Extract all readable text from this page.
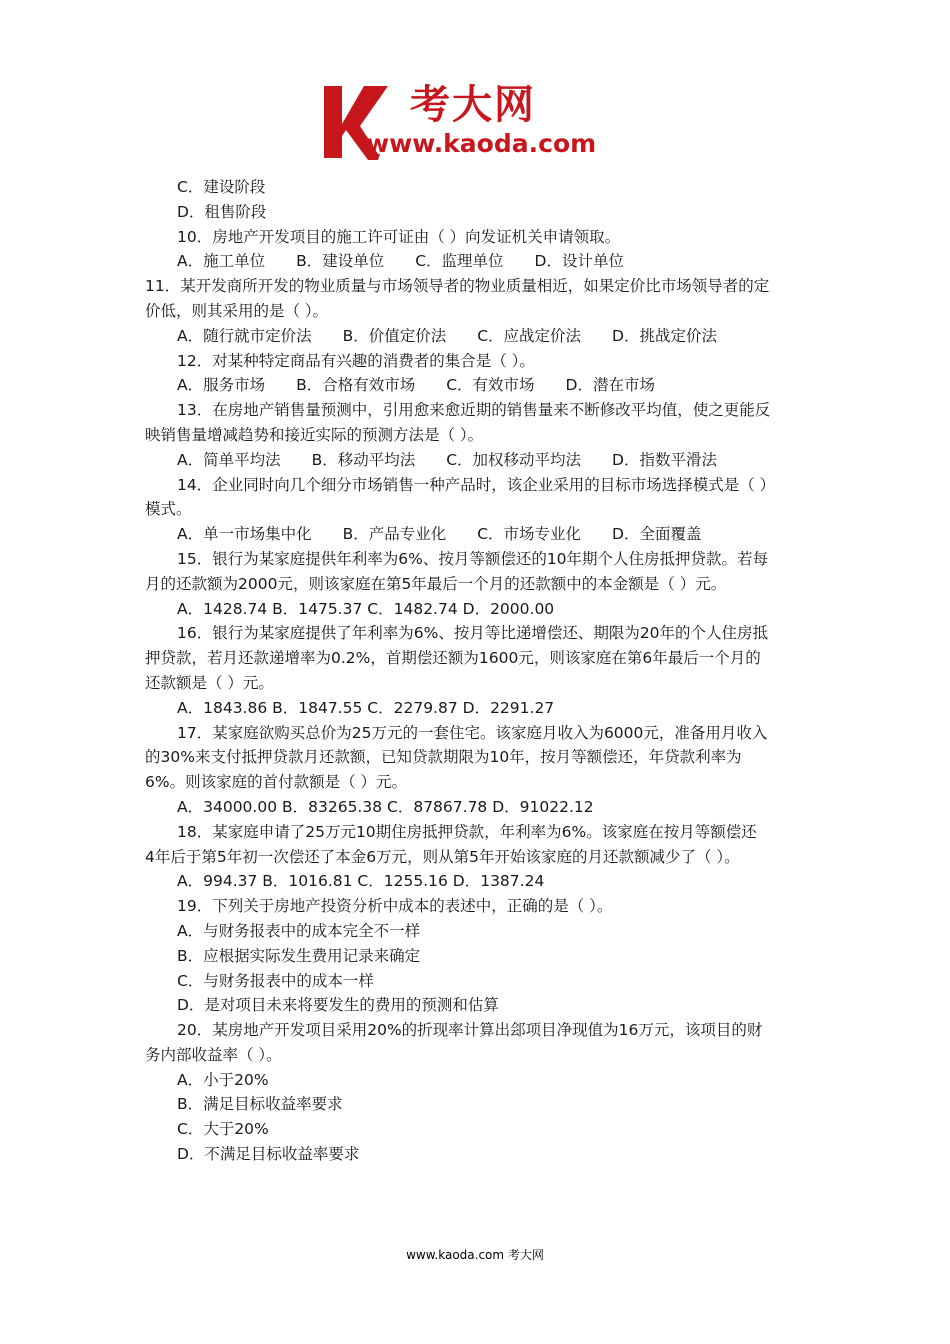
考大网
www.kaoda.com
C．建设阶段
D．租售阶段
10．房地产开发项目的施工许可证由（ ）向发证机关申请领取。
A．施工单位　　B．建设单位　　C．监理单位　　D．设计单位
11．某开发商所开发的物业质量与市场领导者的物业质量相近，如果定价比市场领导者的定
价低，则其采用的是（ ）。
A．随行就市定价法　　B．价值定价法　　C．应战定价法　　D．挑战定价法
12．对某种特定商品有兴趣的消费者的集合是（ ）。
A．服务市场　　B．合格有效市场　　C．有效市场　　D．潜在市场
13．在房地产销售量预测中，引用愈来愈近期的销售量来不断修改平均值，使之更能反
映销售量增减趋势和接近实际的预测方法是（ ）。
A．简单平均法　　B．移动平均法　　C．加权移动平均法　　D．指数平滑法
14．企业同时向几个细分市场销售一种产品时，该企业采用的目标市场选择模式是（ ）
模式。
A．单一市场集中化　　B．产品专业化　　C．市场专业化　　D．全面覆盖
15．银行为某家庭提供年利率为6%、按月等额偿还的10年期个人住房抵押贷款。若每
月的还款额为2000元，则该家庭在第5年最后一个月的还款额中的本金额是（ ）元。
A．1428.74 B．1475.37 C．1482.74 D．2000.00
16．银行为某家庭提供了年利率为6%、按月等比递增偿还、期限为20年的个人住房抵
押贷款，若月还款递增率为0.2%，首期偿还额为1600元，则该家庭在第6年最后一个月的
还款额是（ ）元。
A．1843.86 B．1847.55 C．2279.87 D．2291.27
17．某家庭欲购买总价为25万元的一套住宅。该家庭月收入为6000元，准备用月收入
的30%来支付抵押贷款月还款额，已知贷款期限为10年，按月等额偿还，年贷款利率为
6%。则该家庭的首付款额是（ ）元。
A．34000.00 B．83265.38 C．87867.78 D．91022.12
18．某家庭申请了25万元10期住房抵押贷款，年利率为6%。该家庭在按月等额偿还
4年后于第5年初一次偿还了本金6万元，则从第5年开始该家庭的月还款额减少了（ ）。
A．994.37 B．1016.81 C．1255.16 D．1387.24
19．下列关于房地产投资分析中成本的表述中，正确的是（ ）。
A．与财务报表中的成本完全不一样
B．应根据实际发生费用记录来确定
C．与财务报表中的成本一样
D．是对项目未来将要发生的费用的预测和估算
20．某房地产开发项目采用20%的折现率计算出郐项目净现值为16万元，该项目的财
务内部收益率（ ）。
A．小于20%
B．满足目标收益率要求
C．大于20%
D．不满足目标收益率要求
www.kaoda.com 考大网
